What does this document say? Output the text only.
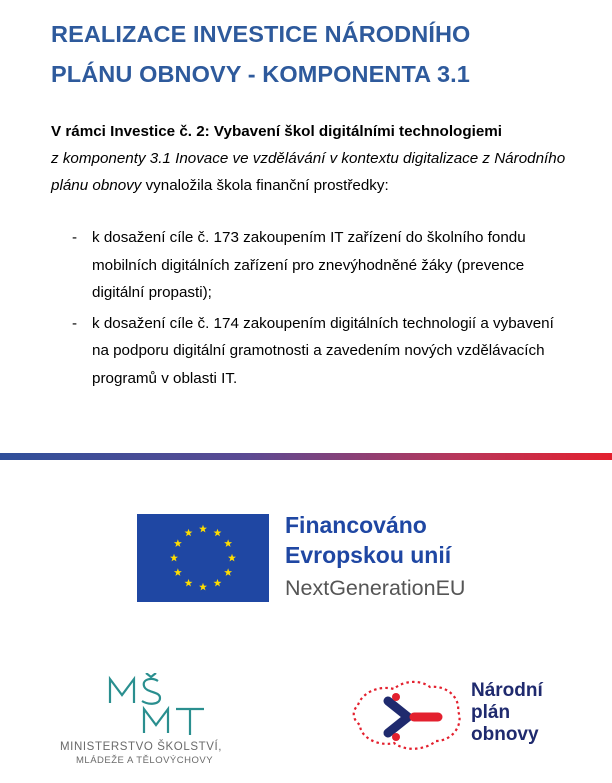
REALIZACE INVESTICE NÁRODNÍHO
PLÁNU OBNOVY - KOMPONENTA 3.1

V rámci Investice č. 2: Vybavení škol digitálními technologiemi
z komponenty 3.1 Inovace ve vzdělávání v kontextu digitalizace z Národního plánu obnovy vynaložila škola finanční prostředky:

- k dosažení cíle č. 173 zakoupením IT zařízení do školního fondu mobilních digitálních zařízení pro znevýhodněné žáky (prevence digitální propasti);
- k dosažení cíle č. 174 zakoupením digitálních technologií a vybavení na podporu digitální gramotnosti a zavedením nových vzdělávacích programů v oblasti IT.
Financováno
Evropskou unií
NextGenerationEU
MINISTERSTVO ŠKOLSTVÍ,
MLÁDEŽE A TĚLOVÝCHOVY
Národní
plán
obnovy
